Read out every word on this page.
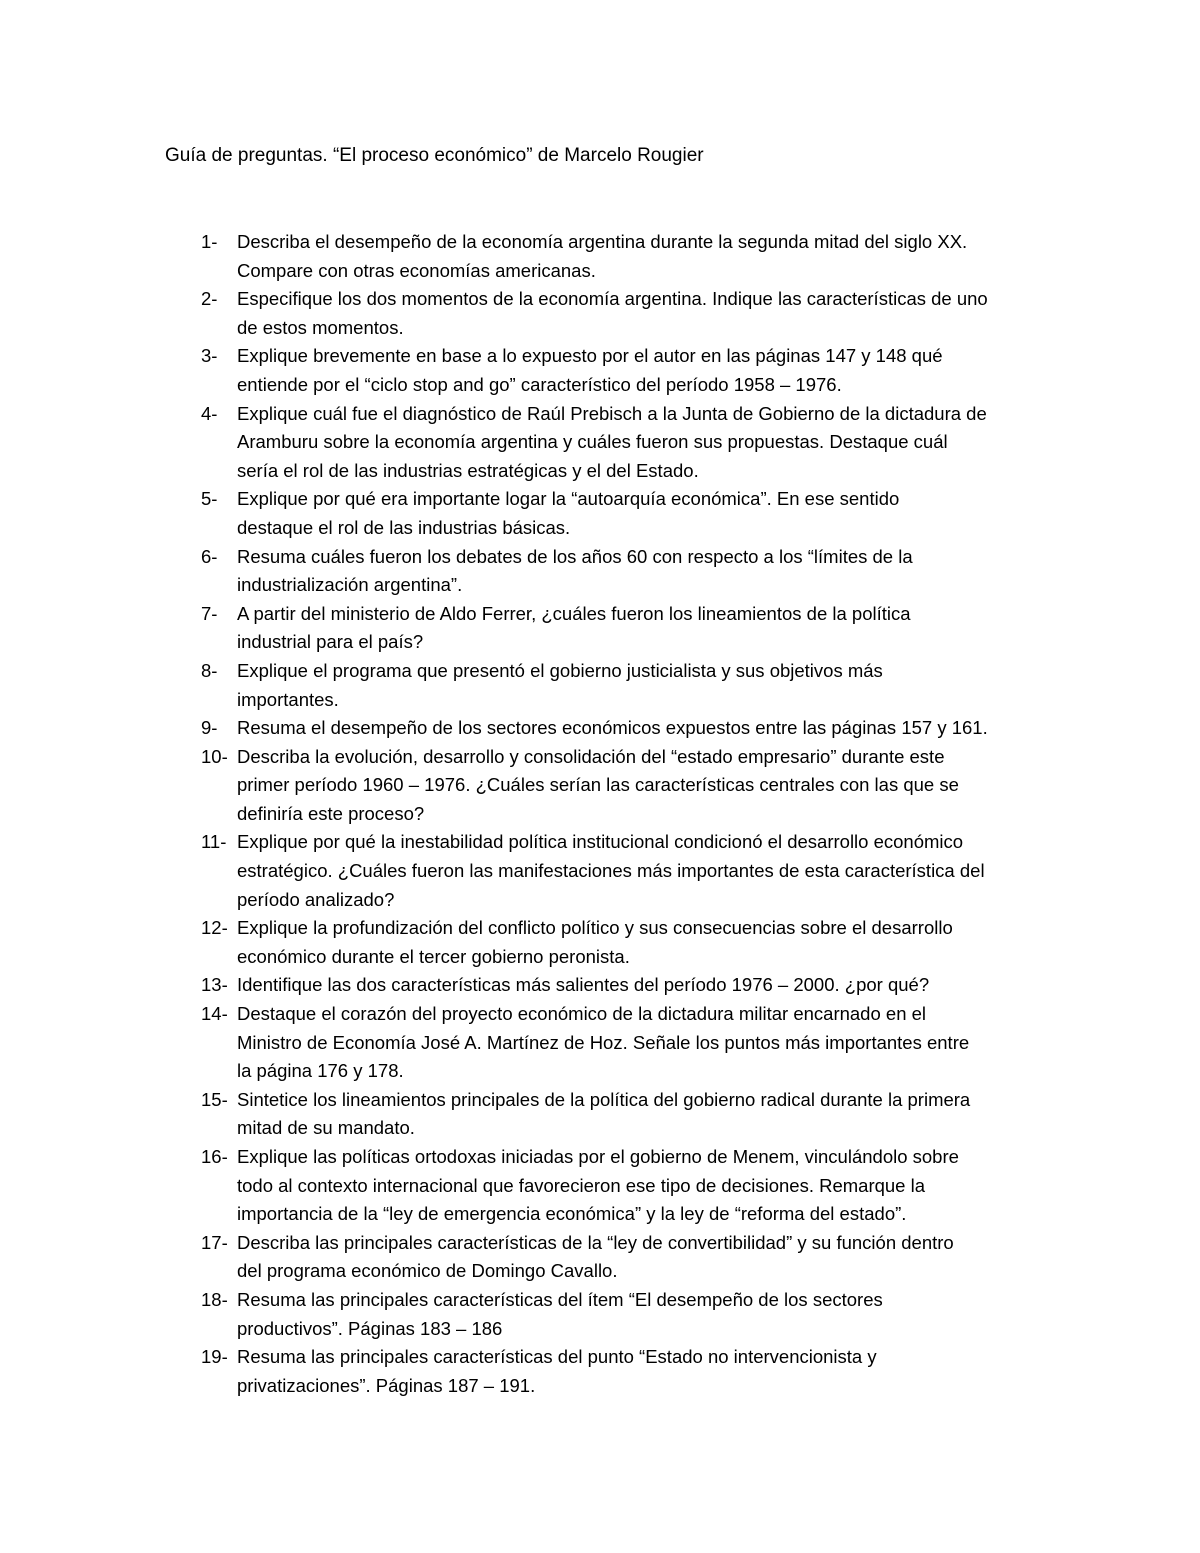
Guía de preguntas. “El proceso económico” de Marcelo Rougier
1- Describa el desempeño de la economía argentina durante la segunda mitad del siglo XX.
Compare con otras economías americanas.
2- Especifique los dos momentos de la economía argentina. Indique las características de uno
de estos momentos.
3- Explique brevemente en base a lo expuesto por el autor en las páginas 147 y 148 qué
entiende por el “ciclo stop and go” característico del período 1958 – 1976.
4- Explique cuál fue el diagnóstico de Raúl Prebisch a la Junta de Gobierno de la dictadura de
Aramburu sobre la economía argentina y cuáles fueron sus propuestas. Destaque cuál
sería el rol de las industrias estratégicas y el del Estado.
5- Explique por qué era importante logar la “autoarquía económica”. En ese sentido
destaque el rol de las industrias básicas.
6- Resuma cuáles fueron los debates de los años 60 con respecto a los “límites de la
industrialización argentina”.
7- A partir del ministerio de Aldo Ferrer, ¿cuáles fueron los lineamientos de la política
industrial para el país?
8- Explique el programa que presentó el gobierno justicialista y sus objetivos más
importantes.
9- Resuma el desempeño de los sectores económicos expuestos entre las páginas 157 y 161.
10- Describa la evolución, desarrollo y consolidación del “estado empresario” durante este
primer período 1960 – 1976. ¿Cuáles serían las características centrales con las que se
definiría este proceso?
11- Explique por qué la inestabilidad política institucional condicionó el desarrollo económico
estratégico. ¿Cuáles fueron las manifestaciones más importantes de esta característica del
período analizado?
12- Explique la profundización del conflicto político y sus consecuencias sobre el desarrollo
económico durante el tercer gobierno peronista.
13- Identifique las dos características más salientes del período 1976 – 2000. ¿por qué?
14- Destaque el corazón del proyecto económico de la dictadura militar encarnado en el
Ministro de Economía José A. Martínez de Hoz. Señale los puntos más importantes entre
la página 176 y 178.
15- Sintetice los lineamientos principales de la política del gobierno radical durante la primera
mitad de su mandato.
16- Explique las políticas ortodoxas iniciadas por el gobierno de Menem, vinculándolo sobre
todo al contexto internacional que favorecieron ese tipo de decisiones. Remarque la
importancia de la “ley de emergencia económica” y la ley de “reforma del estado”.
17- Describa las principales características de la “ley de convertibilidad” y su función dentro
del programa económico de Domingo Cavallo.
18- Resuma las principales características del ítem “El desempeño de los sectores
productivos”. Páginas 183 – 186
19- Resuma las principales características del punto “Estado no intervencionista y
privatizaciones”. Páginas 187 – 191.
